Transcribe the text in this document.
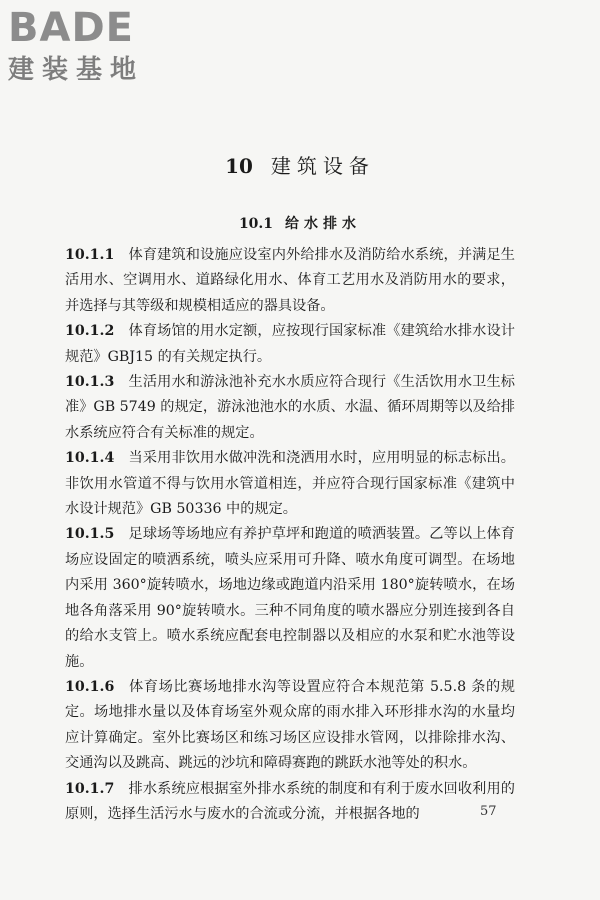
BADE
建装基地
10 建筑设备
10.1 给水排水

10.1.1 体育建筑和设施应设室内外给排水及消防给水系统，并满足生活用水、空调用水、道路绿化用水、体育工艺用水及消防用水的要求，并选择与其等级和规模相适应的器具设备。

10.1.2 体育场馆的用水定额，应按现行国家标准《建筑给水排水设计规范》GBJ15 的有关规定执行。

10.1.3 生活用水和游泳池补充水水质应符合现行《生活饮用水卫生标准》GB 5749 的规定，游泳池池水的水质、水温、循环周期等以及给排水系统应符合有关标准的规定。

10.1.4 当采用非饮用水做冲洗和浇洒用水时，应用明显的标志标出。非饮用水管道不得与饮用水管道相连，并应符合现行国家标准《建筑中水设计规范》GB 50336 中的规定。

10.1.5 足球场等场地应有养护草坪和跑道的喷洒装置。乙等以上体育场应设固定的喷洒系统，喷头应采用可升降、喷水角度可调型。在场地内采用 360°旋转喷水，场地边缘或跑道内沿采用 180°旋转喷水，在场地各角落采用 90°旋转喷水。三种不同角度的喷水器应分别连接到各自的给水支管上。喷水系统应配套电控制器以及相应的水泵和贮水池等设施。

10.1.6 体育场比赛场地排水沟等设置应符合本规范第 5.5.8 条的规定。场地排水量以及体育场室外观众席的雨水排入环形排水沟的水量均应计算确定。室外比赛场区和练习场区应设排水管网，以排除排水沟、交通沟以及跳高、跳远的沙坑和障碍赛跑的跳跃水池等处的积水。

10.1.7 排水系统应根据室外排水系统的制度和有利于废水回收利用的原则，选择生活污水与废水的合流或分流，并根据各地的	57
